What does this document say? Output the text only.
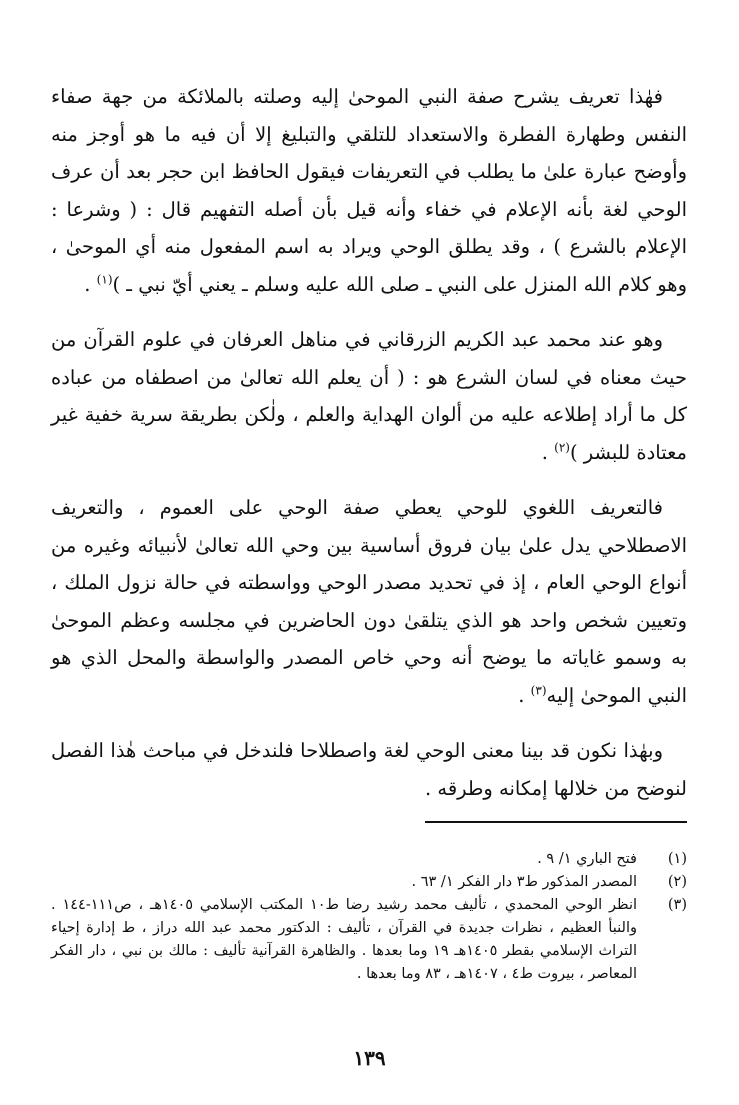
فهٰذا تعريف يشرح صفة النبي الموحىٰ إليه وصلته بالملائكة من جهة صفاء النفس وطهارة الفطرة والاستعداد للتلقي والتبليغ إلا أن فيه ما هو أوجز منه وأوضح عبارة علىٰ ما يطلب في التعريفات فيقول الحافظ ابن حجر بعد أن عرف الوحي لغة بأنه الإعلام في خفاء وأنه قيل بأن أصله التفهيم قال : ( وشرعا : الإعلام بالشرع ) ، وقد يطلق الوحي ويراد به اسم المفعول منه أي الموحىٰ ، وهو كلام الله المنزل على النبي ـ صلى الله عليه وسلم ـ يعني أيّ نبي ـ )$^{(١)}$ .

وهو عند محمد عبد الكريم الزرقاني في مناهل العرفان في علوم القرآن من حيث معناه في لسان الشرع هو : ( أن يعلم الله تعالىٰ من اصطفاه من عباده كل ما أراد إطلاعه عليه من ألوان الهداية والعلم ، ولٰكن بطريقة سرية خفية غير معتادة للبشر )$^{(٢)}$ .

فالتعريف اللغوي للوحي يعطي صفة الوحي على العموم ، والتعريف الاصطلاحي يدل علىٰ بيان فروق أساسية بين وحي الله تعالىٰ لأنبيائه وغيره من أنواع الوحي العام ، إذ في تحديد مصدر الوحي وواسطته في حالة نزول الملك ، وتعيين شخص واحد هو الذي يتلقىٰ دون الحاضرين في مجلسه وعظم الموحىٰ به وسمو غاياته ما يوضح أنه وحي خاص المصدر والواسطة والمحل الذي هو النبي الموحىٰ إليه$^{(٣)}$ .

وبهٰذا نكون قد بينا معنى الوحي لغة واصطلاحا فلندخل في مباحث هٰذا الفصل لنوضح من خلالها إمكانه وطرقه .

(١)
فتح الباري ١/ ٩ .
(٢)
المصدر المذكور ط٣ دار الفكر ١/ ٦٣ .
(٣)
انظر الوحي المحمدي ، تأليف محمد رشيد رضا ط١٠ المكتب الإسلامي ١٤٠٥هـ ، ص١١١-١٤٤ . والنبأ العظيم ، نظرات جديدة في القرآن ، تأليف : الدكتور محمد عبد الله دراز ، ط إدارة إحياء التراث الإسلامي بقطر ١٤٠٥هـ ١٩ وما بعدها . والظاهرة القرآنية تأليف : مالك بن نبي ، دار الفكر المعاصر ، بيروت ط٤ ، ١٤٠٧هـ ، ٨٣ وما بعدها .
١٣٩
